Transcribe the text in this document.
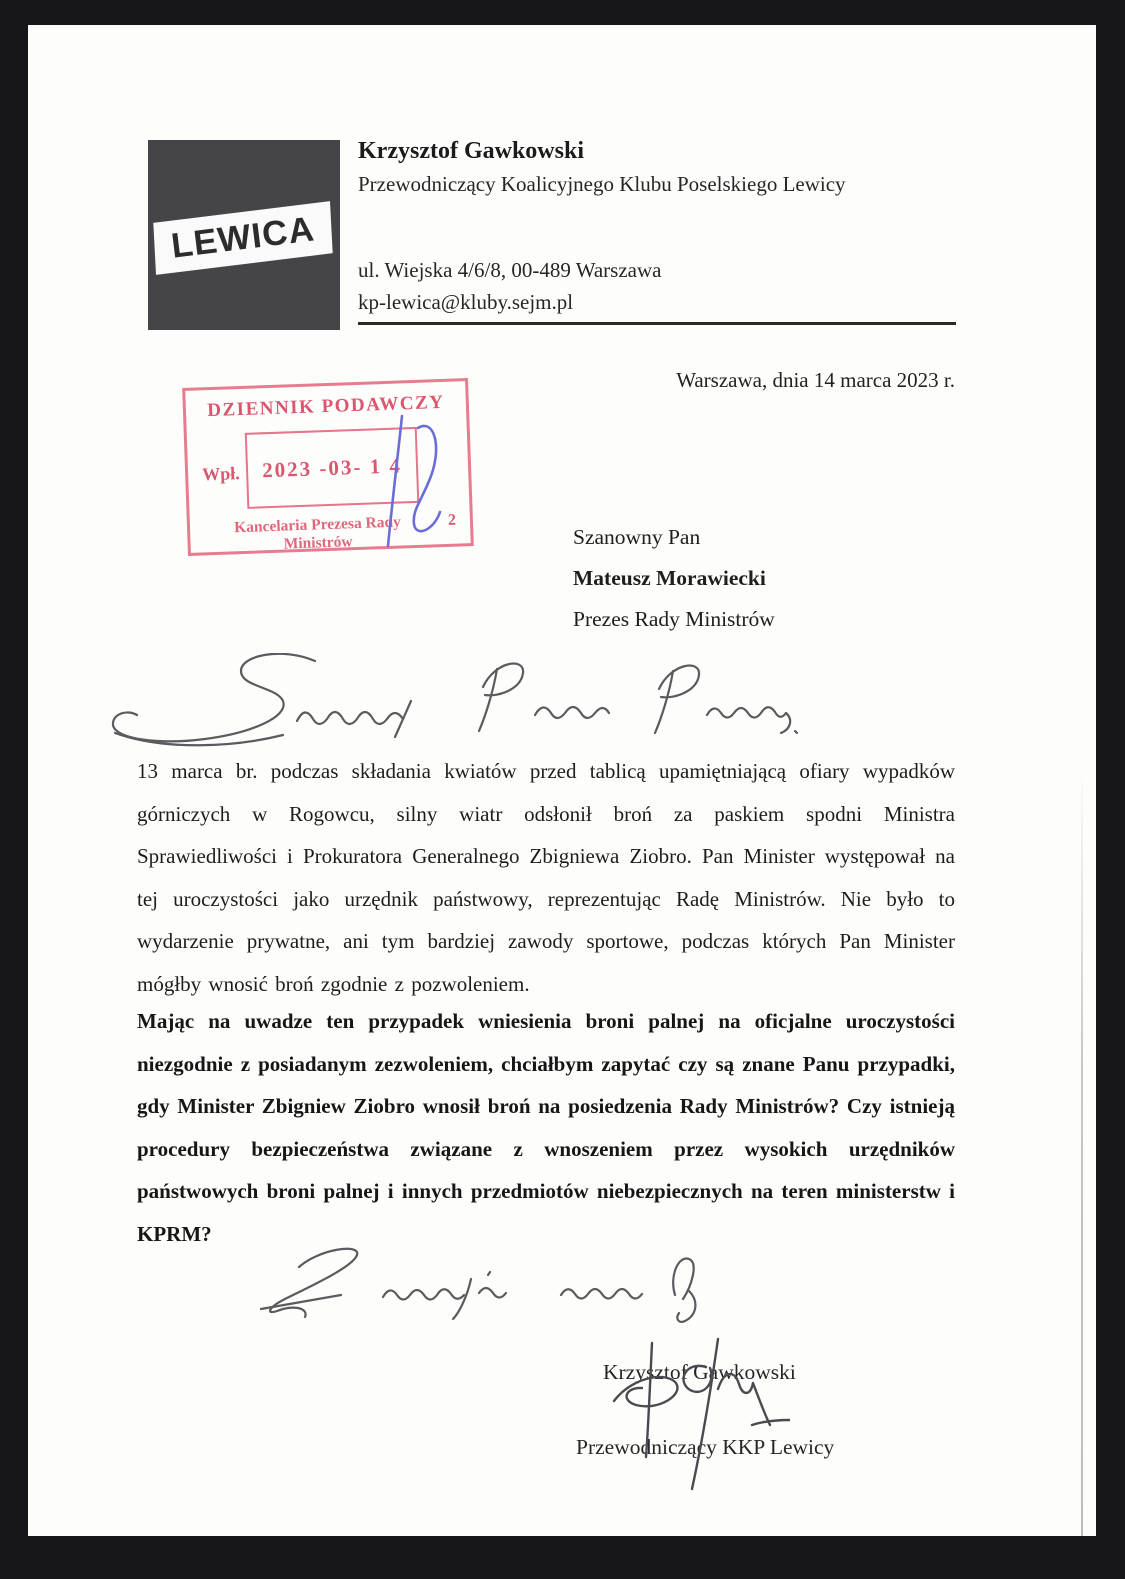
LEWICA
Krzysztof Gawkowski
Przewodniczący Koalicyjnego Klubu Poselskiego Lewicy
ul. Wiejska 4/6/8, 00-489 Warszawa
kp-lewica@kluby.sejm.pl
Warszawa, dnia 14 marca 2023 r.
DZIENNIK PODAWCZY
Wpł. 2023 -03- 1 4
Kancelaria Prezesa Rady Ministrów
2
Szanowny Pan
Mateusz Morawiecki
Prezes Rady Ministrów
13 marca br. podczas składania kwiatów przed tablicą upamiętniającą ofiary wypadków górniczych w Rogowcu, silny wiatr odsłonił broń za paskiem spodni Ministra Sprawiedliwości i Prokuratora Generalnego Zbigniewa Ziobro. Pan Minister występował na tej uroczystości jako urzędnik państwowy, reprezentując Radę Ministrów. Nie było to wydarzenie prywatne, ani tym bardziej zawody sportowe, podczas których Pan Minister mógłby wnosić broń zgodnie z pozwoleniem.
Mając na uwadze ten przypadek wniesienia broni palnej na oficjalne uroczystości niezgodnie z posiadanym zezwoleniem, chciałbym zapytać czy są znane Panu przypadki, gdy Minister Zbigniew Ziobro wnosił broń na posiedzenia Rady Ministrów? Czy istnieją procedury bezpieczeństwa związane z wnoszeniem przez wysokich urzędników państwowych broni palnej i innych przedmiotów niebezpiecznych na teren ministerstw i KPRM?
Krzysztof Gawkowski
Przewodniczący KKP Lewicy
